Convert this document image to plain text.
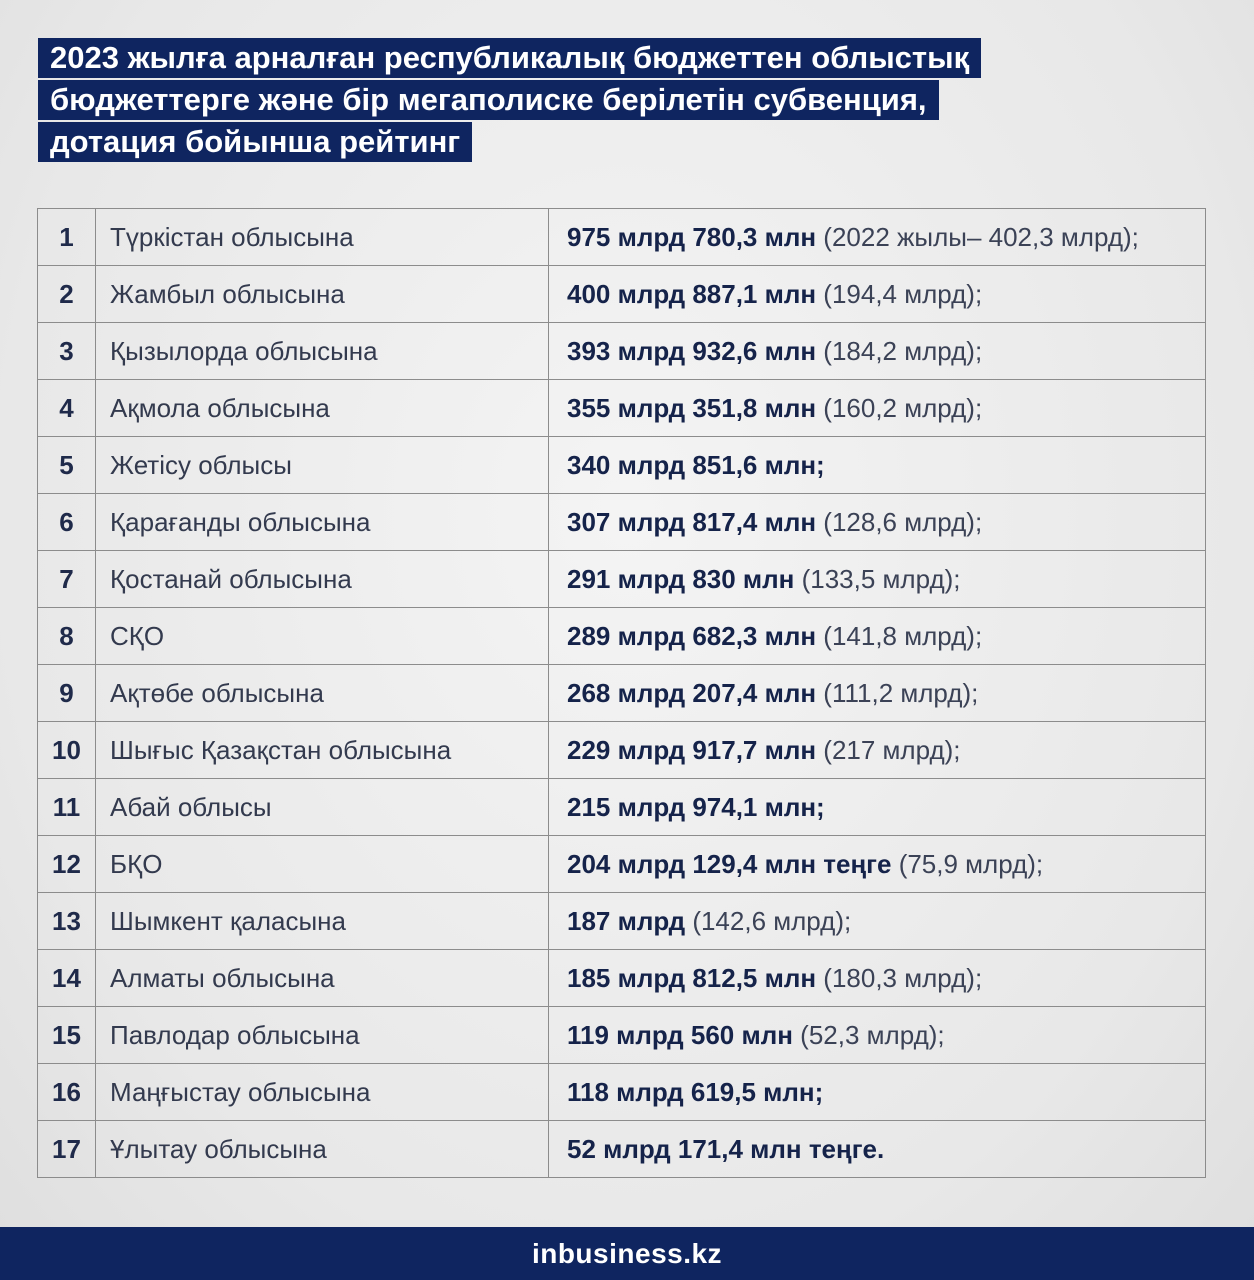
2023 жылға арналған республикалық бюджеттен облыстық
бюджеттерге және бір мегаполиске берілетін субвенция,
дотация бойынша рейтинг
1	Түркістан облысына	975 млрд 780,3 млн (2022 жылы– 402,3 млрд);
2	Жамбыл облысына	400 млрд 887,1 млн (194,4 млрд);
3	Қызылорда облысына	393 млрд 932,6 млн (184,2 млрд);
4	Ақмола облысына	355 млрд 351,8 млн (160,2 млрд);
5	Жетісу облысы	340 млрд 851,6 млн;
6	Қарағанды облысына	307 млрд 817,4 млн (128,6 млрд);
7	Қостанай облысына	291 млрд 830 млн (133,5 млрд);
8	СҚО	289 млрд 682,3 млн (141,8 млрд);
9	Ақтөбе облысына	268 млрд 207,4 млн (111,2 млрд);
10	Шығыс Қазақстан облысына	229 млрд 917,7 млн (217 млрд);
11	Абай облысы	215 млрд 974,1 млн;
12	БҚО	204 млрд 129,4 млн теңге (75,9 млрд);
13	Шымкент қаласына	187 млрд (142,6 млрд);
14	Алматы облысына	185 млрд 812,5 млн (180,3 млрд);
15	Павлодар облысына	119 млрд 560 млн (52,3 млрд);
16	Маңғыстау облысына	118 млрд 619,5 млн;
17	Ұлытау облысына	52 млрд 171,4 млн теңге.
inbusiness.kz
